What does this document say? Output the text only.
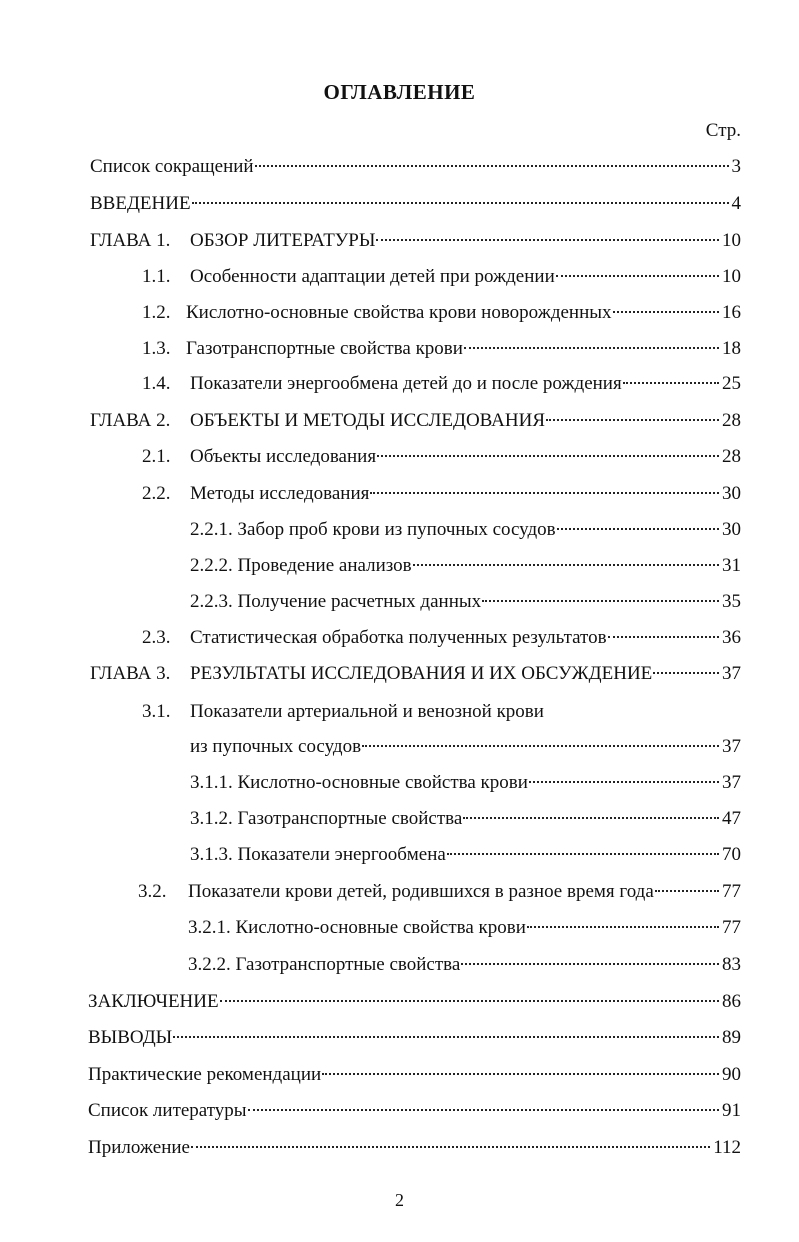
ОГЛАВЛЕНИЕ
Стр.
Список сокращений	3
ВВЕДЕНИЕ	4
ГЛАВА 1.	ОБЗОР ЛИТЕРАТУРЫ	10
1.1.	Особенности адаптации детей при рождении	10
1.2. Кислотно-основные свойства крови новорожденных	16
1.3. Газотранспортные свойства крови	18
1.4.	Показатели энергообмена детей до и после рождения	25
ГЛАВА 2.	ОБЪЕКТЫ И МЕТОДЫ ИССЛЕДОВАНИЯ	28
2.1.	Объекты исследования	28
2.2.	Методы исследования	30
2.2.1. Забор проб крови из пупочных сосудов	30
2.2.2. Проведение анализов	31
2.2.3. Получение расчетных данных	35
2.3.	Статистическая обработка полученных результатов	36
ГЛАВА 3.	РЕЗУЛЬТАТЫ ИССЛЕДОВАНИЯ И ИХ ОБСУЖДЕНИЕ	37
3.1. Показатели артериальной и венозной крови
из пупочных сосудов	37
3.1.1. Кислотно-основные свойства крови	37
3.1.2. Газотранспортные свойства	47
3.1.3. Показатели энергообмена	70
3.2.	Показатели крови детей, родившихся в разное время года	77
3.2.1. Кислотно-основные свойства крови	77
3.2.2. Газотранспортные свойства	83
ЗАКЛЮЧЕНИЕ	86
ВЫВОДЫ	89
Практические рекомендации	90
Список литературы	91
Приложение	112
2
